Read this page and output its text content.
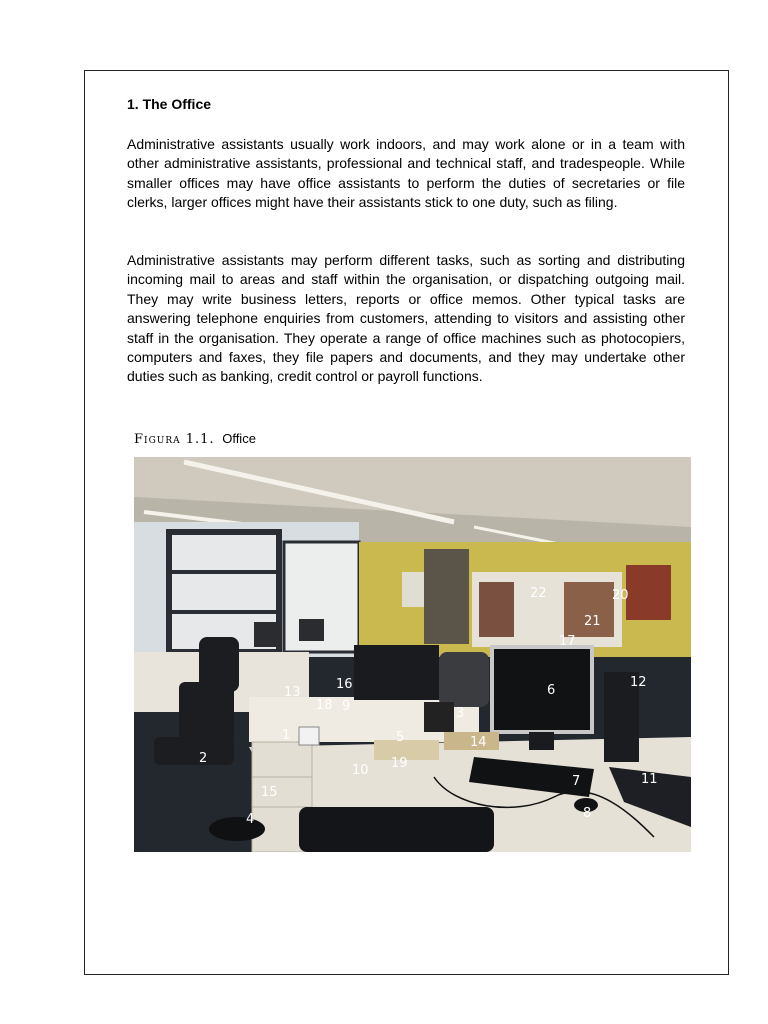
1. The Office

Administrative assistants usually work indoors, and may work alone or in a team with other administrative assistants, professional and technical staff, and tradespeople. While smaller offices may have office assistants to perform the duties of secretaries or file clerks, larger offices might have their assistants stick to one duty, such as filing.

Administrative assistants may perform different tasks, such as sorting and distributing incoming mail to areas and staff within the organisation, or dispatching outgoing mail. They may write business letters, reports or office memos. Other typical tasks are answering telephone enquiries from customers, attending to visitors and assisting other staff in the organisation. They operate a range of office machines such as photocopiers, computers and faxes, they file papers and documents, and they may undertake other duties such as banking, credit control or payroll functions.

Figura 1.1. Office
1
2
3
4
5
6
7
8
9
10
11
12
13
14
15
16
17
18
19
20
21
22
